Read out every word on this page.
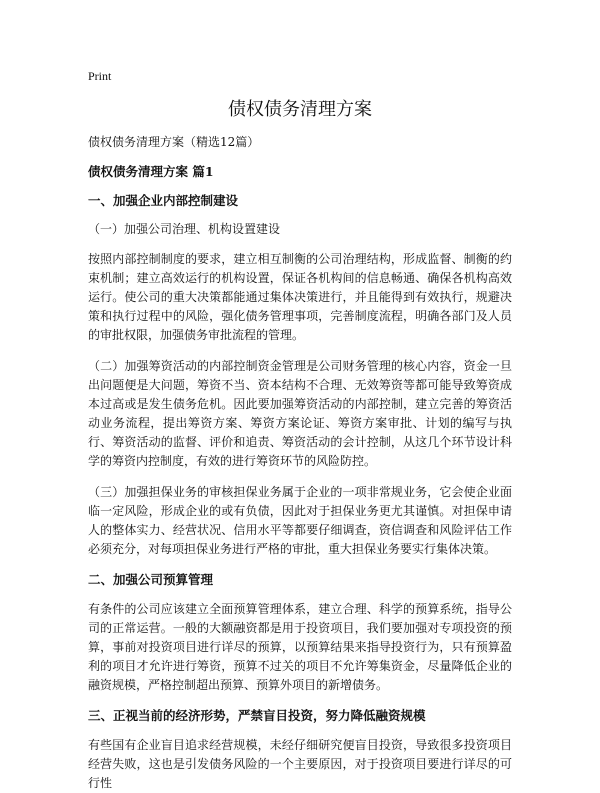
Print
债权债务清理方案
债权债务清理方案（精选12篇）
债权债务清理方案 篇1
一、加强企业内部控制建设
（一）加强公司治理、机构设置建设

按照内部控制制度的要求，建立相互制衡的公司治理结构，形成监督、制衡的约束机制；建立高效运行的机构设置，保证各机构间的信息畅通、确保各机构高效运行。使公司的重大决策都能通过集体决策进行，并且能得到有效执行，规避决策和执行过程中的风险，强化债务管理事项，完善制度流程，明确各部门及人员的审批权限，加强债务审批流程的管理。

（二）加强筹资活动的内部控制资金管理是公司财务管理的核心内容，资金一旦出问题便是大问题，筹资不当、资本结构不合理、无效筹资等都可能导致筹资成本过高或是发生债务危机。因此要加强筹资活动的内部控制，建立完善的筹资活动业务流程，提出筹资方案、筹资方案论证、筹资方案审批、计划的编写与执行、筹资活动的监督、评价和追责、筹资活动的会计控制，从这几个环节设计科学的筹资内控制度，有效的进行筹资环节的风险防控。

（三）加强担保业务的审核担保业务属于企业的一项非常规业务，它会使企业面临一定风险，形成企业的或有负债，因此对于担保业务更尤其谨慎。对担保申请人的整体实力、经营状况、信用水平等都要仔细调查，资信调查和风险评估工作必须充分，对每项担保业务进行严格的审批，重大担保业务要实行集体决策。

二、加强公司预算管理

有条件的公司应该建立全面预算管理体系，建立合理、科学的预算系统，指导公司的正常运营。一般的大额融资都是用于投资项目，我们要加强对专项投资的预算，事前对投资项目进行详尽的预算，以预算结果来指导投资行为，只有预算盈利的项目才允许进行筹资，预算不过关的项目不允许筹集资金，尽量降低企业的融资规模，严格控制超出预算、预算外项目的新增债务。

三、正视当前的经济形势，严禁盲目投资，努力降低融资规模

有些国有企业盲目追求经营规模，未经仔细研究便盲目投资，导致很多投资项目经营失败，这也是引发债务风险的一个主要原因，对于投资项目要进行详尽的可行性
